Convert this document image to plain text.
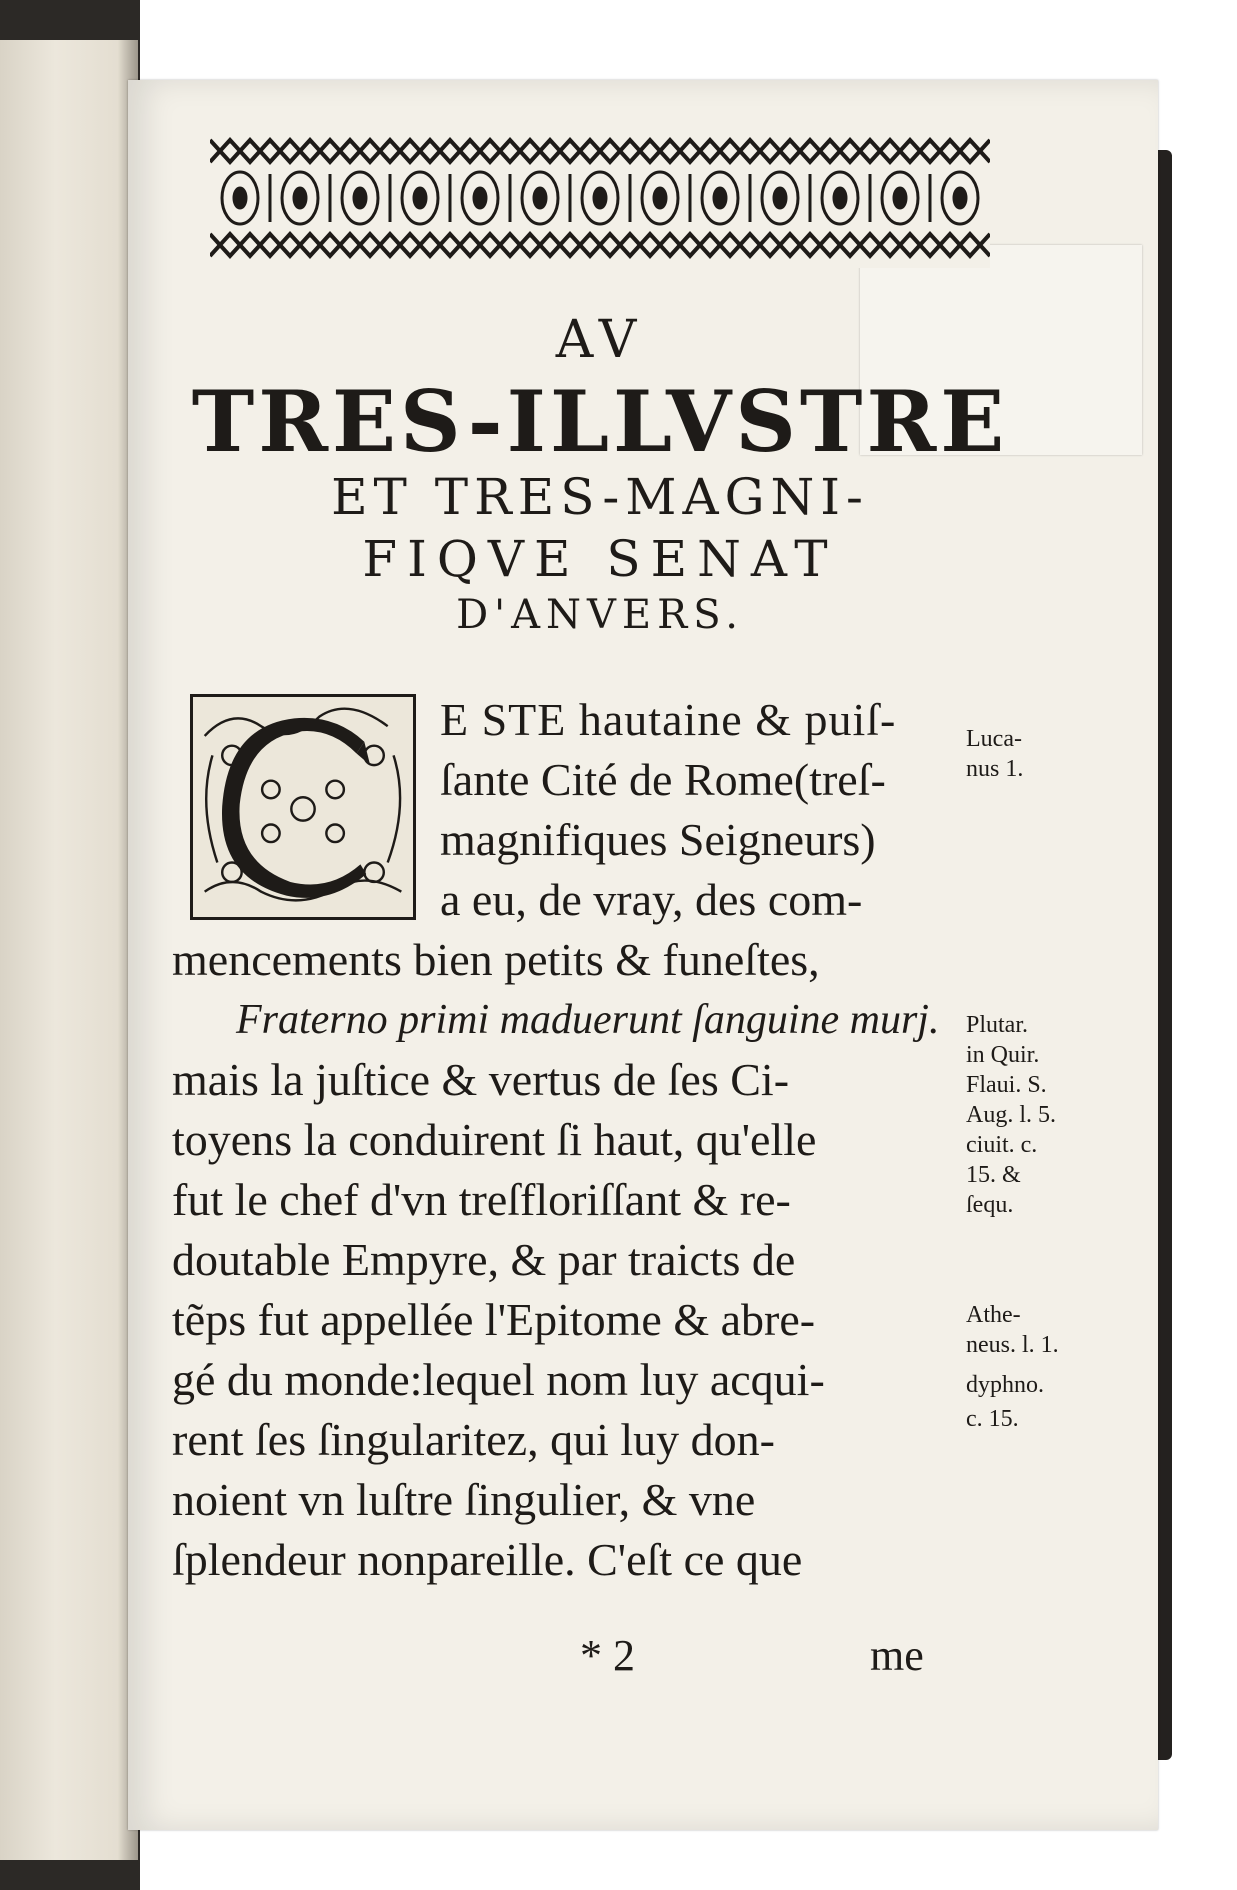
AV
TRES-ILLVSTRE
ET TRES-MAGNI-
FIQVE SENAT
D'ANVERS.
E STE hautaine & puiſ-
ſante Cité de Rome(treſ-
magnifiques Seigneurs)
a eu, de vray, des com-
mencements bien petits & funeſtes,
Fraterno primi maduerunt ſanguine murj.
mais la juſtice & vertus de ſes Ci-
toyens la conduirent ſi haut, qu'elle
fut le chef d'vn treſfloriſſant & re-
doutable Empyre, & par traicts de
tẽps fut appellée l'Epitome & abre-
gé du monde:lequel nom luy acqui-
rent ſes ſingularitez, qui luy don-
noient vn luſtre ſingulier, & vne
ſplendeur nonpareille. C'eſt ce que
Luca-
nus 1.
Plutar.
in Quir.
Flaui. S.
Aug. l. 5.
ciuit. c.
15. &
ſequ.
Athe-
neus. l. 1.
dyphno.
c. 15.
* 2	me
